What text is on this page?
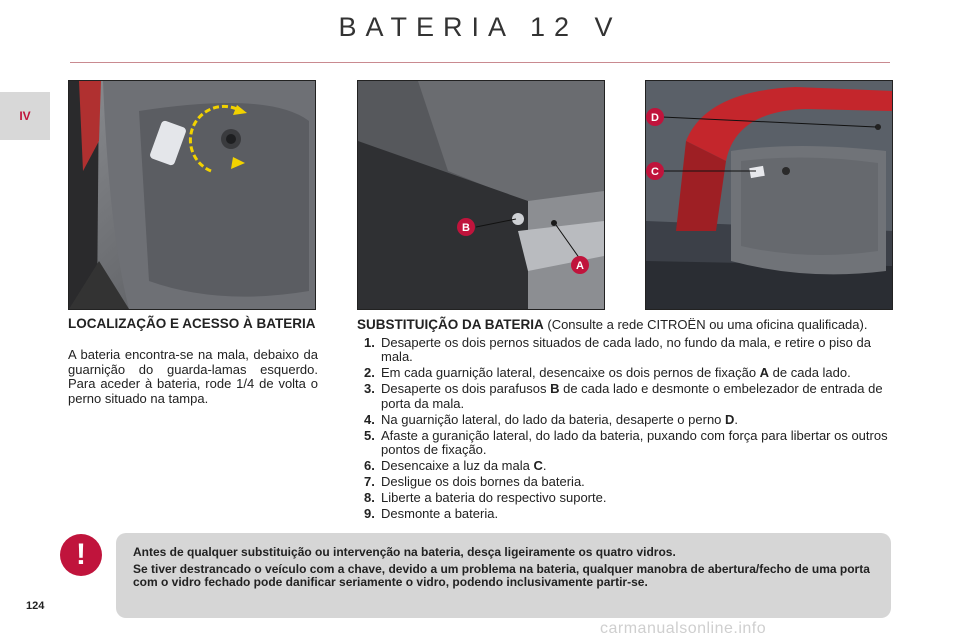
BATERIA 12 V
IV
B
A
D
C
LOCALIZAÇÃO E ACESSO À BATERIA

A bateria encontra-se na mala, debaixo da guarnição do guarda-lamas esquerdo. Para aceder à bateria, rode 1/4 de volta o perno situado na tampa.

SUBSTITUIÇÃO DA BATERIA (Consulte a rede CITROËN ou uma oficina qualificada).

1. Desaperte os dois pernos situados de cada lado, no fundo da mala, e retire o piso da mala.
2. Em cada guarnição lateral, desencaixe os dois pernos de fixação A de cada lado.
3. Desaperte os dois parafusos B de cada lado e desmonte o embelezador de entrada de porta da mala.
4. Na guarnição lateral, do lado da bateria, desaperte o perno D.
5. Afaste a guranição lateral, do lado da bateria, puxando com força para libertar os outros pontos de fixação.
6. Desencaixe a luz da mala C.
7. Desligue os dois bornes da bateria.
8. Liberte a bateria do respectivo suporte.
9. Desmonte a bateria.
!	Antes de qualquer substituição ou intervenção na bateria, desça ligeiramente os quatro vidros.

Se tiver destrancado o veículo com a chave, devido a um problema na bateria, qualquer manobra de abertura/fecho de uma porta com o vidro fechado pode danificar seriamente o vidro, podendo inclusivamente partir-se.

124
carmanualsonline.info
